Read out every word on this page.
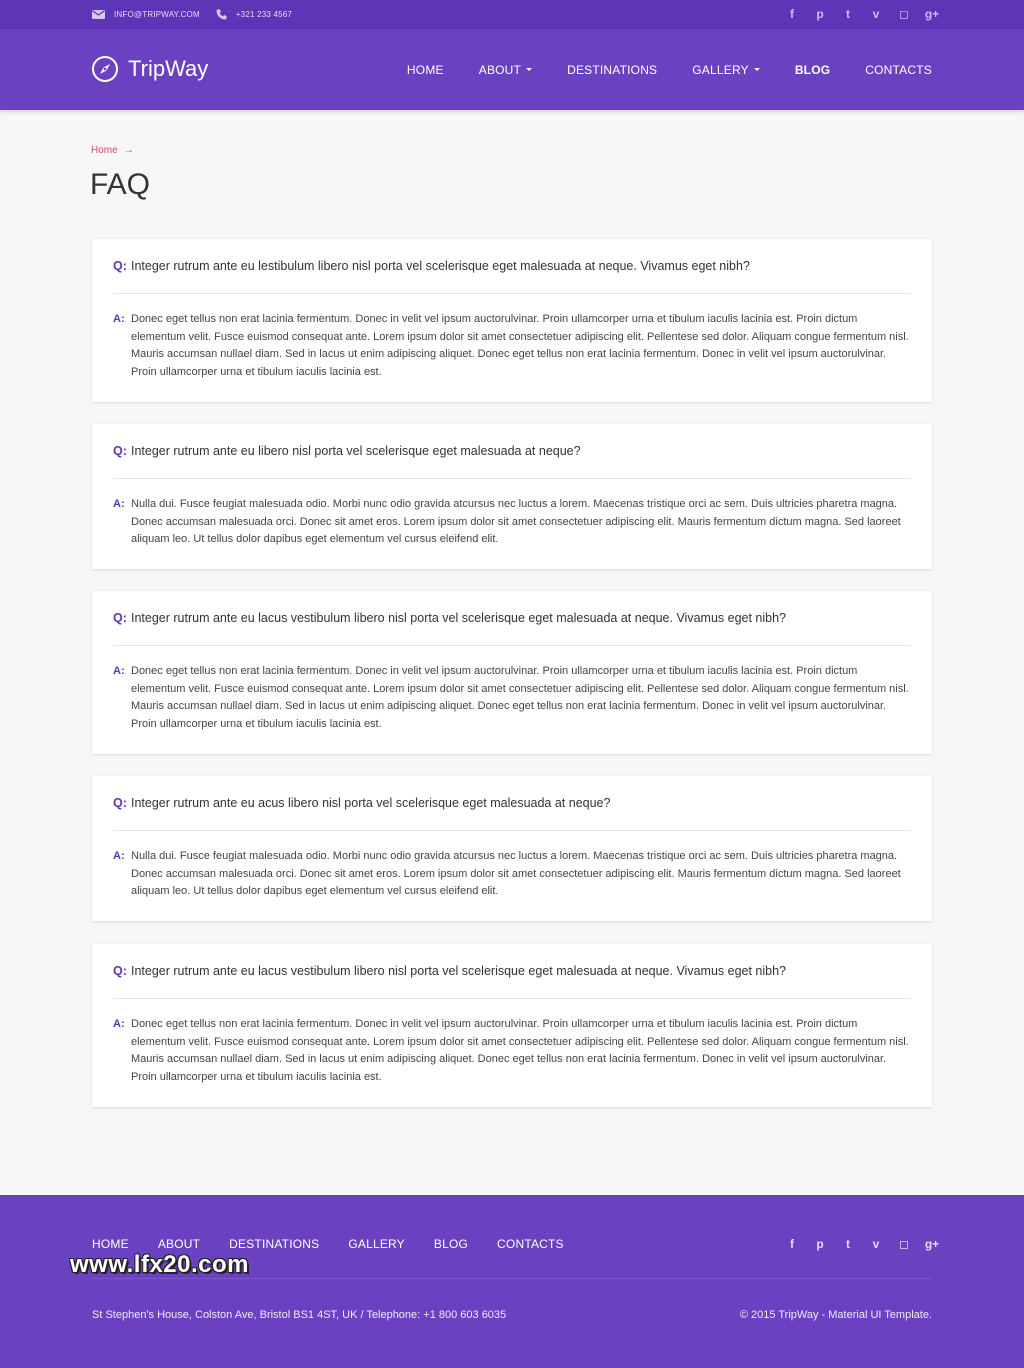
INFO@TRIPWAY.COM	+321 233 4567	f	p	t	v	◻	g+
TripWay	HOME	ABOUT	DESTINATIONS	GALLERY	BLOG	CONTACTS
Home →
FAQ
Q: Integer rutrum ante eu lestibulum libero nisl porta vel scelerisque eget malesuada at neque. Vivamus eget nibh?
A: Donec eget tellus non erat lacinia fermentum. Donec in velit vel ipsum auctorulvinar. Proin ullamcorper urna et tibulum iaculis lacinia est. Proin dictum elementum velit. Fusce euismod consequat ante. Lorem ipsum dolor sit amet consectetuer adipiscing elit. Pellentese sed dolor. Aliquam congue fermentum nisl. Mauris accumsan nullael diam. Sed in lacus ut enim adipiscing aliquet. Donec eget tellus non erat lacinia fermentum. Donec in velit vel ipsum auctorulvinar. Proin ullamcorper urna et tibulum iaculis lacinia est.
Q: Integer rutrum ante eu libero nisl porta vel scelerisque eget malesuada at neque?
A: Nulla dui. Fusce feugiat malesuada odio. Morbi nunc odio gravida atcursus nec luctus a lorem. Maecenas tristique orci ac sem. Duis ultricies pharetra magna. Donec accumsan malesuada orci. Donec sit amet eros. Lorem ipsum dolor sit amet consectetuer adipiscing elit. Mauris fermentum dictum magna. Sed laoreet aliquam leo. Ut tellus dolor dapibus eget elementum vel cursus eleifend elit.
Q: Integer rutrum ante eu lacus vestibulum libero nisl porta vel scelerisque eget malesuada at neque. Vivamus eget nibh?
A: Donec eget tellus non erat lacinia fermentum. Donec in velit vel ipsum auctorulvinar. Proin ullamcorper urna et tibulum iaculis lacinia est. Proin dictum elementum velit. Fusce euismod consequat ante. Lorem ipsum dolor sit amet consectetuer adipiscing elit. Pellentese sed dolor. Aliquam congue fermentum nisl. Mauris accumsan nullael diam. Sed in lacus ut enim adipiscing aliquet. Donec eget tellus non erat lacinia fermentum. Donec in velit vel ipsum auctorulvinar. Proin ullamcorper urna et tibulum iaculis lacinia est.
Q: Integer rutrum ante eu acus libero nisl porta vel scelerisque eget malesuada at neque?
A: Nulla dui. Fusce feugiat malesuada odio. Morbi nunc odio gravida atcursus nec luctus a lorem. Maecenas tristique orci ac sem. Duis ultricies pharetra magna. Donec accumsan malesuada orci. Donec sit amet eros. Lorem ipsum dolor sit amet consectetuer adipiscing elit. Mauris fermentum dictum magna. Sed laoreet aliquam leo. Ut tellus dolor dapibus eget elementum vel cursus eleifend elit.
Q: Integer rutrum ante eu lacus vestibulum libero nisl porta vel scelerisque eget malesuada at neque. Vivamus eget nibh?
A: Donec eget tellus non erat lacinia fermentum. Donec in velit vel ipsum auctorulvinar. Proin ullamcorper urna et tibulum iaculis lacinia est. Proin dictum elementum velit. Fusce euismod consequat ante. Lorem ipsum dolor sit amet consectetuer adipiscing elit. Pellentese sed dolor. Aliquam congue fermentum nisl. Mauris accumsan nullael diam. Sed in lacus ut enim adipiscing aliquet. Donec eget tellus non erat lacinia fermentum. Donec in velit vel ipsum auctorulvinar. Proin ullamcorper urna et tibulum iaculis lacinia est.
HOME ABOUT DESTINATIONS GALLERY BLOG CONTACTS	f	p	t	v	◻	g+
St Stephen's House, Colston Ave, Bristol BS1 4ST, UK / Telephone: +1 800 603 6035	© 2015 TripWay - Material UI Template.
www.lfx20.com
